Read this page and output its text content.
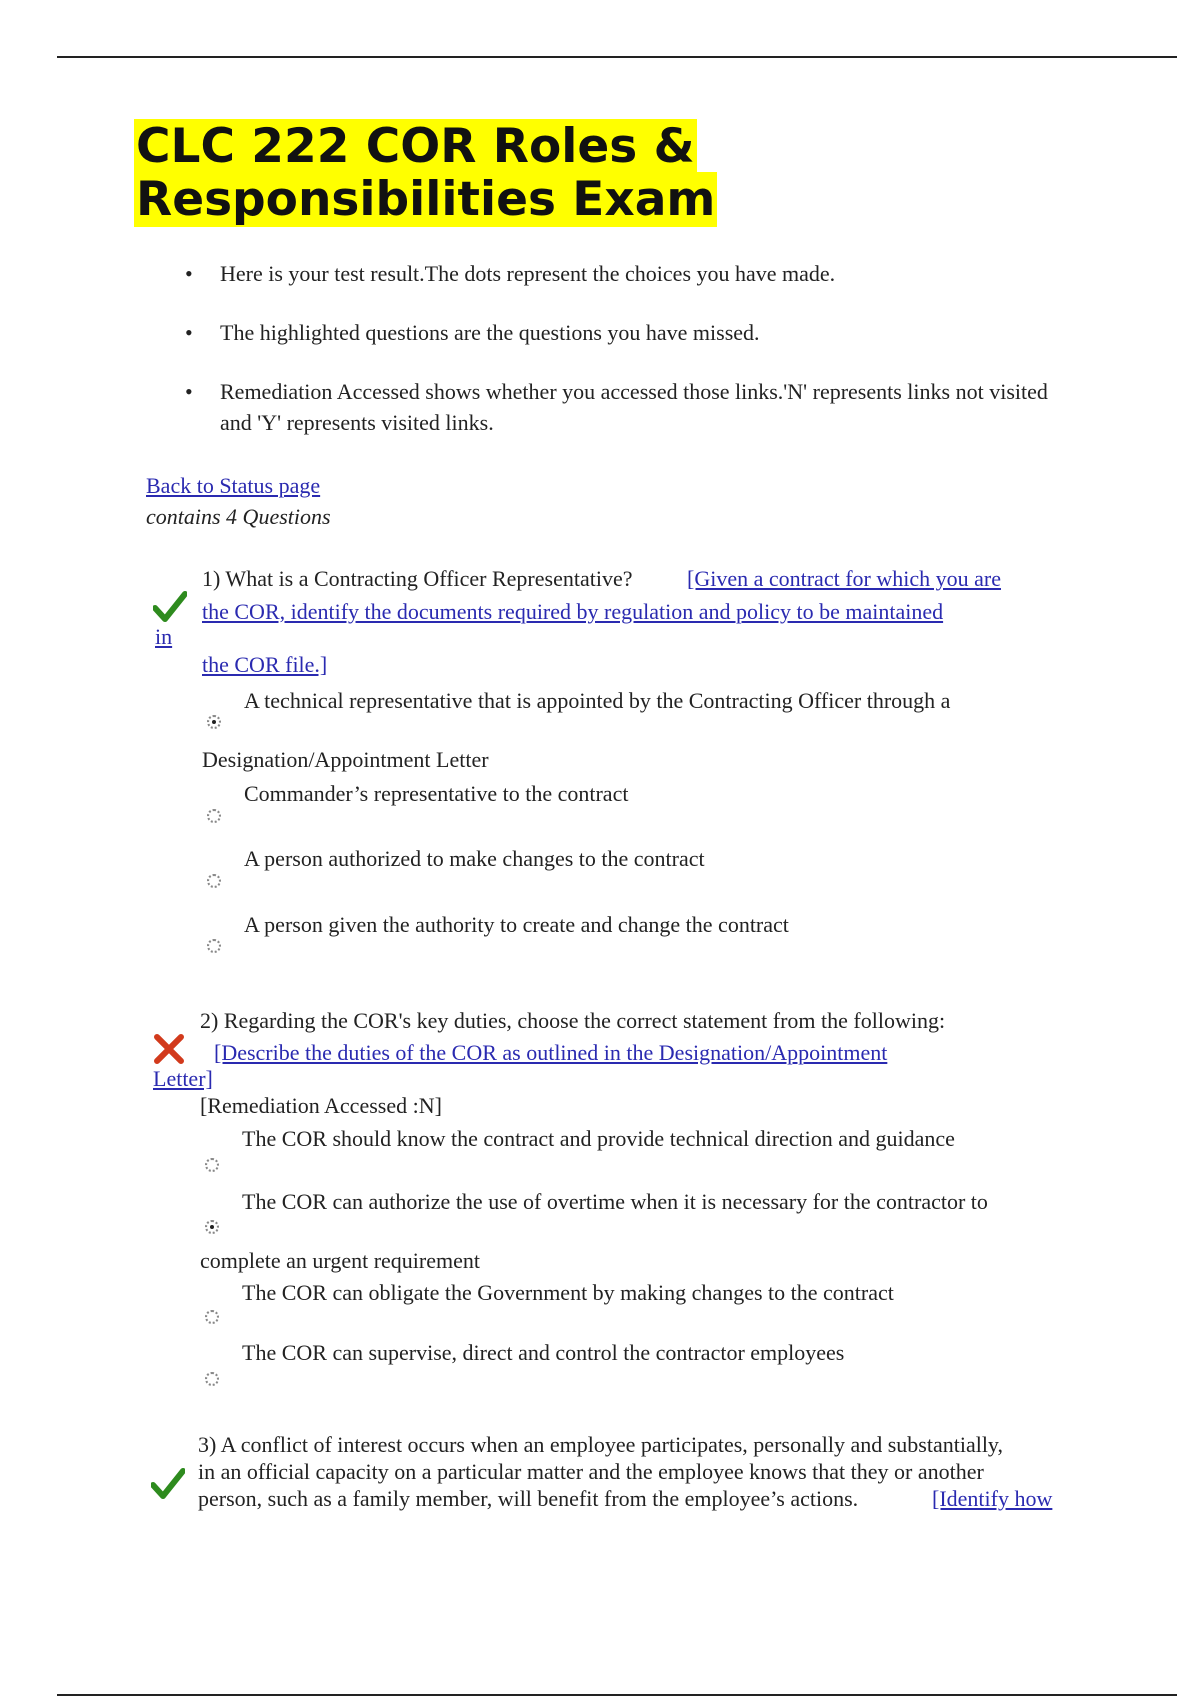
CLC 222 COR Roles & Responsibilities Exam
• Here is your test result.The dots represent the choices you have made.
• The highlighted questions are the questions you have missed.
• Remediation Accessed shows whether you accessed those links.'N' represents links not visited and 'Y' represents visited links.
Back to Status page
contains 4 Questions
1) What is a Contracting Officer Representative? [Given a contract for which you are
the COR, identify the documents required by regulation and policy to be maintained
in
the COR file.]
A technical representative that is appointed by the Contracting Officer through a
Designation/Appointment Letter
Commander’s representative to the contract
A person authorized to make changes to the contract
A person given the authority to create and change the contract
2) Regarding the COR's key duties, choose the correct statement from the following:
[Describe the duties of the COR as outlined in the Designation/Appointment
Letter]
[Remediation Accessed :N]
The COR should know the contract and provide technical direction and guidance
The COR can authorize the use of overtime when it is necessary for the contractor to
complete an urgent requirement
The COR can obligate the Government by making changes to the contract
The COR can supervise, direct and control the contractor employees
3) A conflict of interest occurs when an employee participates, personally and substantially,
in an official capacity on a particular matter and the employee knows that they or another
person, such as a family member, will benefit from the employee’s actions.	[Identify how
